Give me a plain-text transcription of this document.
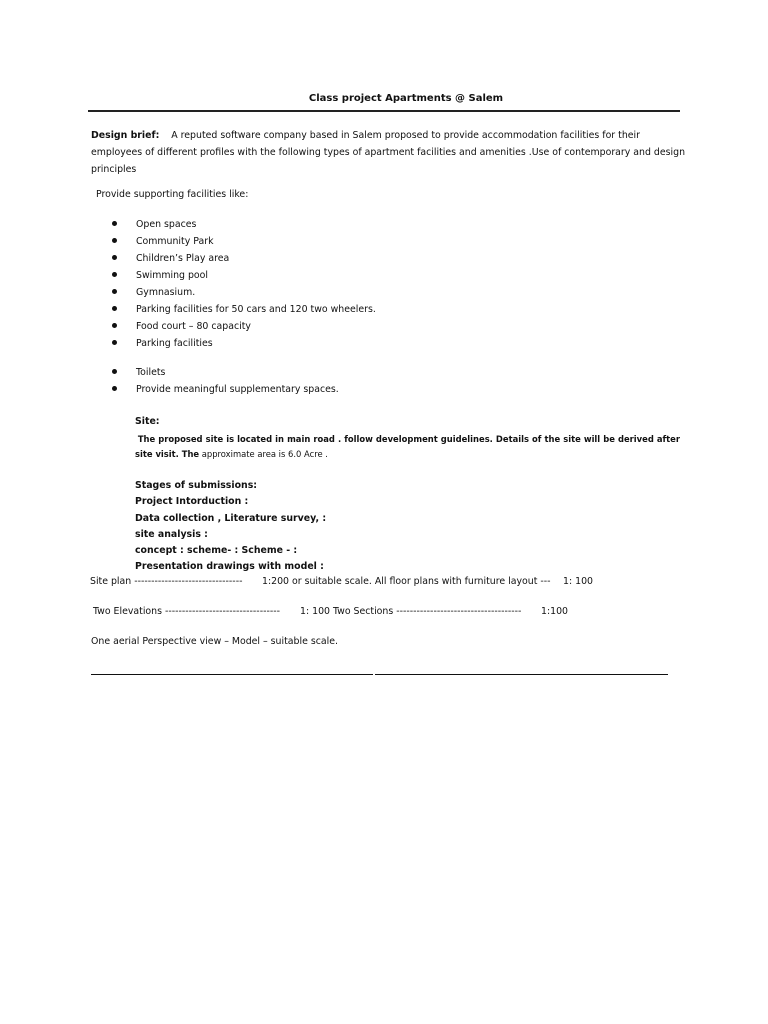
Class project Apartments @ Salem
Design brief: A reputed software company based in Salem proposed to provide accommodation facilities for their employees of different profiles with the following types of apartment facilities and amenities .Use of contemporary and design principles
Provide supporting facilities like:
Open spaces
Community Park
Children’s Play area
Swimming pool
Gymnasium.
Parking facilities for 50 cars and 120 two wheelers.
Food court – 80 capacity
Parking facilities
Toilets
Provide meaningful supplementary spaces.
Site:
The proposed site is located in main road . follow development guidelines. Details of the site will be derived after site visit. The approximate area is 6.0 Acre .
Stages of submissions:
Project Intorduction :
Data collection , Literature survey, :
site analysis :
concept : scheme- : Scheme - :
Presentation drawings with model :
Site plan -------------------------------- 1:200 or suitable scale. All floor plans with furniture layout --- 1: 100
Two Elevations ---------------------------------- 1: 100 Two Sections ------------------------------------- 1:100
One aerial Perspective view – Model – suitable scale.
